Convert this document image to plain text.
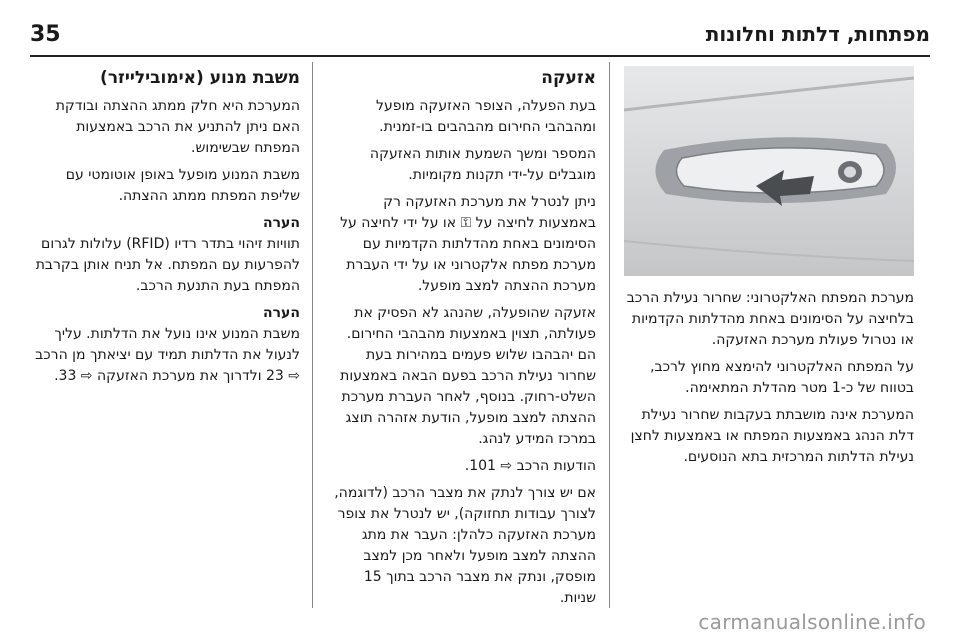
35	מפתחות, דלתות וחלונות
משבת מנוע (אימובילייזר)

המערכת היא חלק ממתג ההצתה ובודקת האם ניתן להתניע את הרכב באמצעות המפתח שבשימוש.

משבת המנוע מופעל באופן אוטומטי עם שליפת המפתח ממתג ההצתה.

הערה

תוויות זיהוי בתדר רדיו (RFID) עלולות לגרום להפרעות עם המפתח. אל תניח אותן בקרבת המפתח בעת התנעת הרכב.

הערה

משבת המנוע אינו נועל את הדלתות. עליך לנעול את הדלתות תמיד עם יציאתך מן הרכב ⇨ 23 ולדרוך את מערכת האזעקה ⇨ 33.

אזעקה

בעת הפעלה, הצופר האזעקה מופעל ומהבהבי החירום מהבהבים בו-זמנית.

המספר ומשך השמעת אותות האזעקה מוגבלים על-ידי תקנות מקומיות.

ניתן לנטרל את מערכת האזעקה רק באמצעות לחיצה על ⚿ או על ידי לחיצה על הסימונים באחת מהדלתות הקדמיות עם מערכת מפתח אלקטרוני או על ידי העברת מערכת ההצתה למצב מופעל.

אזעקה שהופעלה, שהנהג לא הפסיק את פעולתה, תצוין באמצעות מהבהבי החירום. הם יהבהבו שלוש פעמים במהירות בעת שחרור נעילת הרכב בפעם הבאה באמצעות השלט-רחוק. בנוסף, לאחר העברת מערכת ההצתה למצב מופעל, הודעת אזהרה תוצג במרכז המידע לנהג.

הודעות הרכב ⇨ 101.

אם יש צורך לנתק את מצבר הרכב (לדוגמה, לצורך עבודות תחזוקה), יש לנטרל את צופר מערכת האזעקה כלהלן: העבר את מתג ההצתה למצב מופעל ולאחר מכן למצב מופסק, ונתק את מצבר הרכב בתוך 15 שניות.

מערכת המפתח האלקטרוני: שחרור נעילת הרכב בלחיצה על הסימונים באחת מהדלתות הקדמיות או נטרול פעולת מערכת האזעקה.

על המפתח האלקטרוני להימצא מחוץ לרכב, בטווח של כ-1 מטר מהדלת המתאימה.

המערכת אינה מושבתת בעקבות שחרור נעילת דלת הנהג באמצעות המפתח או באמצעות לחצן נעילת הדלתות המרכזית בתא הנוסעים.

carmanualsonline.info
